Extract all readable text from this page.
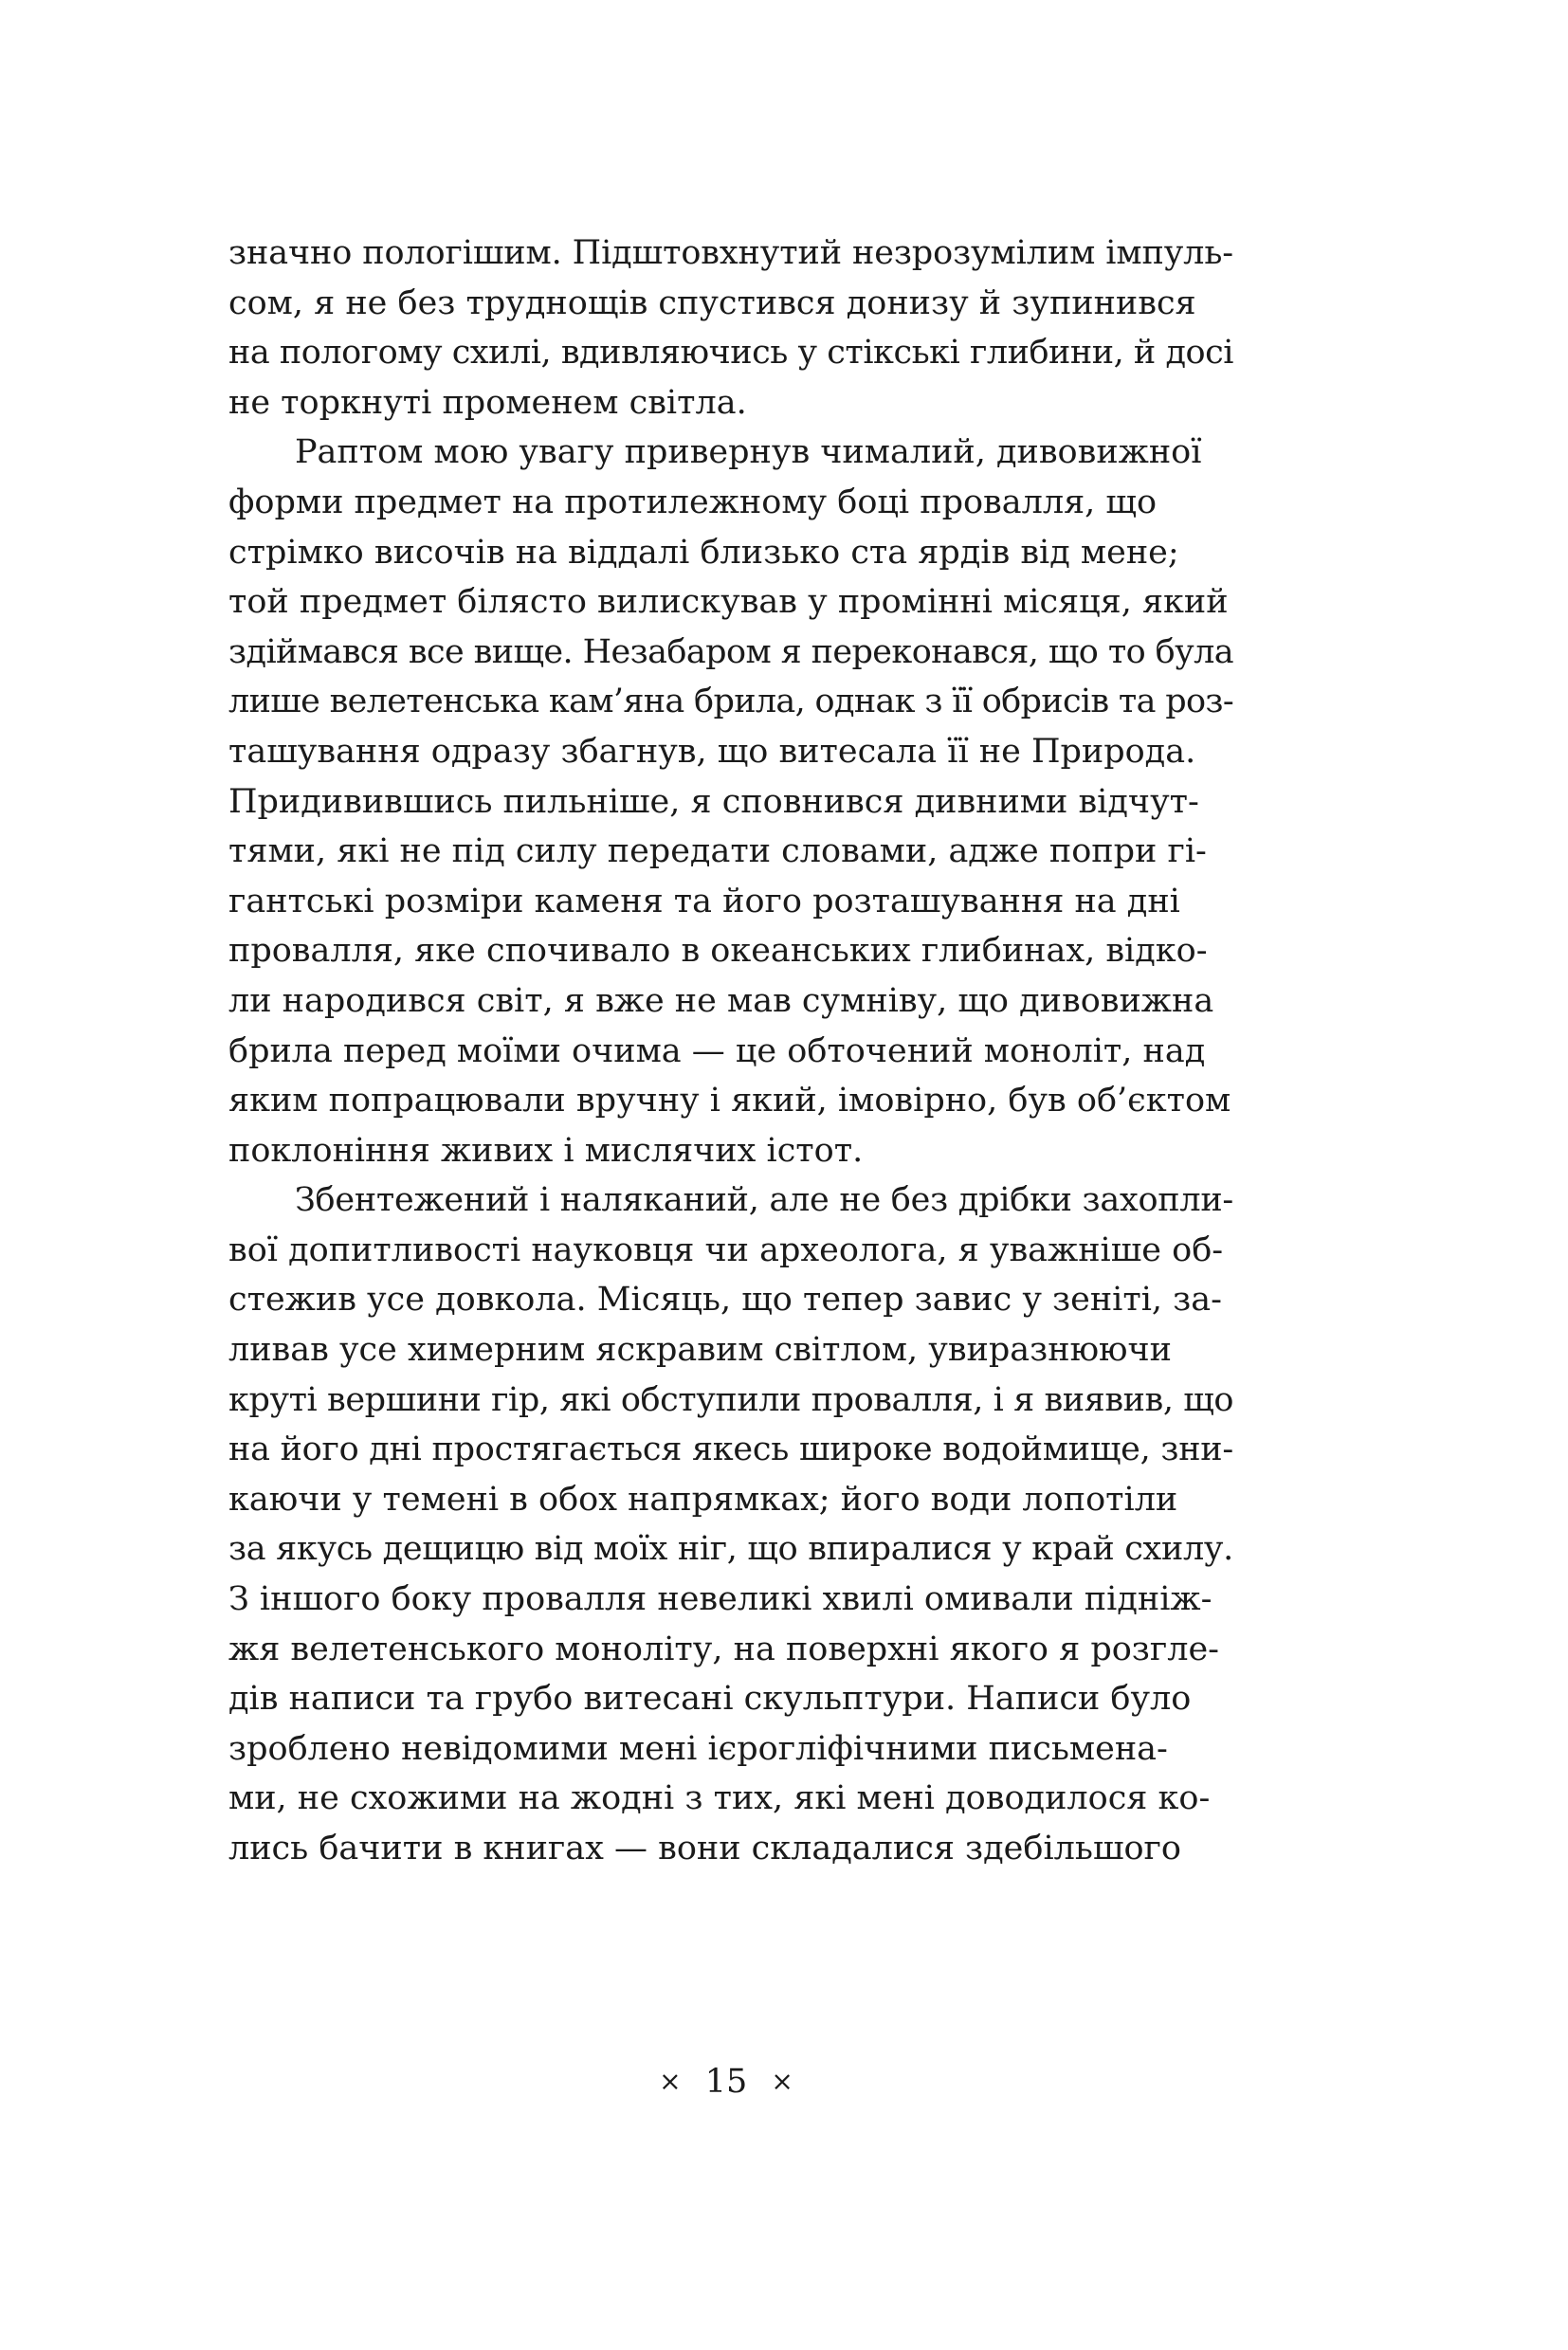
значно пологішим. Підштовхнутий незрозумілим імпуль-
сом, я не без труднощів спустився донизу й зупинився
на пологому схилі, вдивляючись у стікські глибини, й досі
не торкнуті променем світла.
Раптом мою увагу привернув чималий, дивовижної
форми предмет на протилежному боці провалля, що
стрімко височів на віддалі близько ста ярдів від мене;
той предмет білясто вилискував у промінні місяця, який
здіймався все вище. Незабаром я переконався, що то була
лише велетенська кам’яна брила, однак з її обрисів та роз-
ташування одразу збагнув, що витесала її не Природа.
Придивившись пильніше, я сповнився дивними відчут-
тями, які не під силу передати словами, адже попри гі-
гантські розміри каменя та його розташування на дні
провалля, яке спочивало в океанських глибинах, відко-
ли народився світ, я вже не мав сумніву, що дивовижна
брила перед моїми очима — це обточений моноліт, над
яким попрацювали вручну і який, імовірно, був об’єктом
поклоніння живих і мислячих істот.
Збентежений і наляканий, але не без дрібки захопли-
вої допитливості науковця чи археолога, я уважніше об-
стежив усе довкола. Місяць, що тепер завис у зеніті, за-
ливав усе химерним яскравим світлом, увиразнюючи
круті вершини гір, які обступили провалля, і я виявив, що
на його дні простягається якесь широке водоймище, зни-
каючи у темені в обох напрямках; його води лопотіли
за якусь дещицю від моїх ніг, що впиралися у край схилу.
З іншого боку провалля невеликі хвилі омивали підніж-
жя велетенського моноліту, на поверхні якого я розгле-
дів написи та грубо витесані скульптури. Написи було
зроблено невідомими мені ієрогліфічними письмена-
ми, не схожими на жодні з тих, які мені доводилося ко-
лись бачити в книгах — вони складалися здебільшого
× 15 ×
